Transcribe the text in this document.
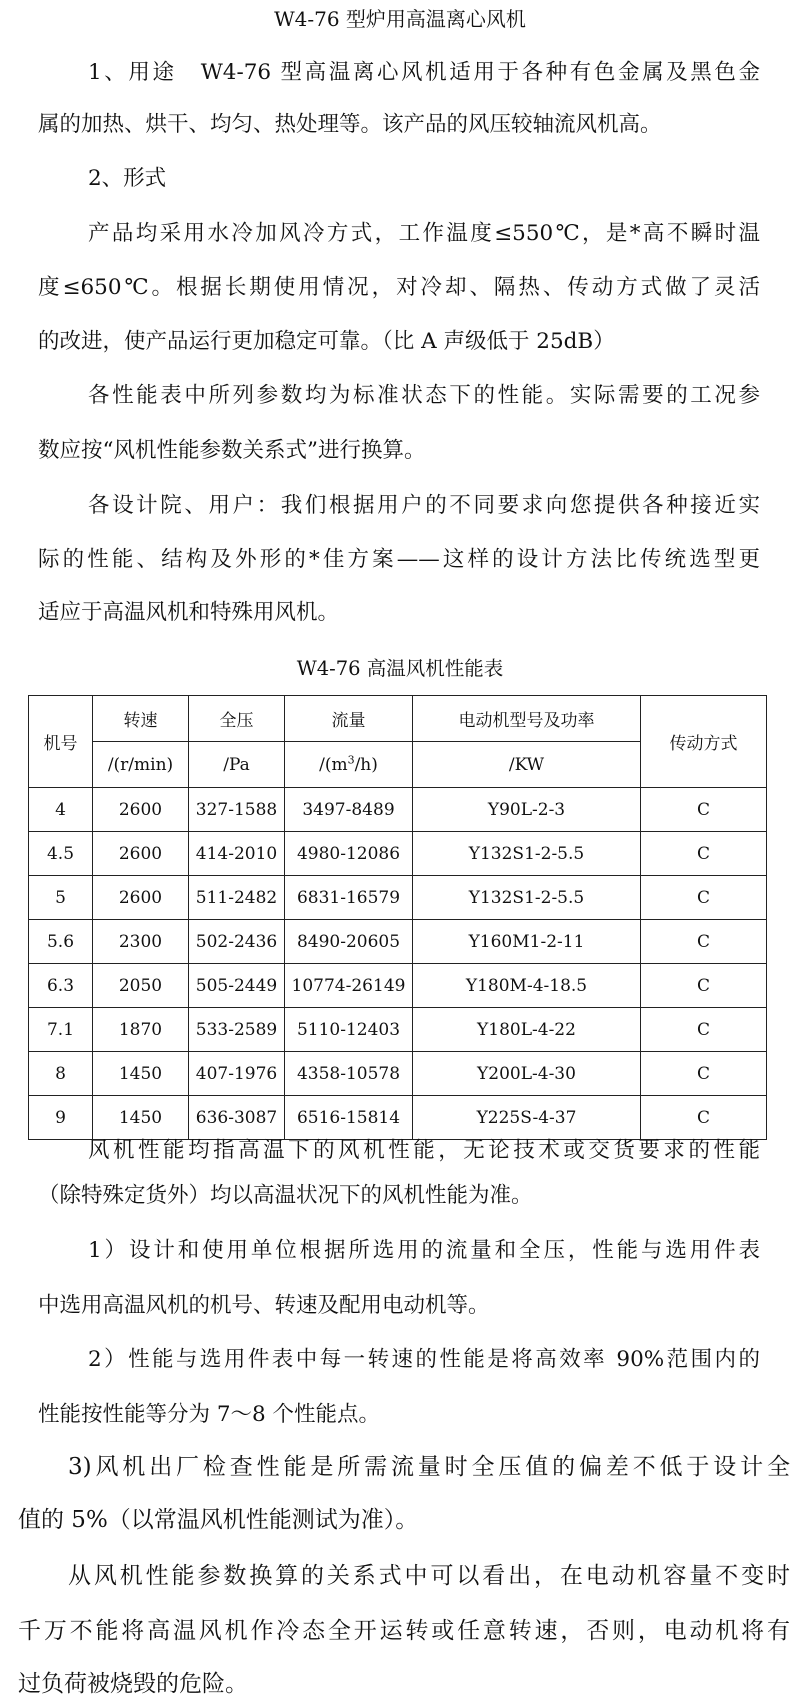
W4-76 型炉用高温离心风机
1、用途　W4-76 型高温离心风机适用于各种有色金属及黑色金
属的加热、烘干、均匀、热处理等。该产品的风压较轴流风机高。
2、形式
产品均采用水冷加风冷方式，工作温度≤550℃，是*高不瞬时温
度≤650℃。根据长期使用情况，对冷却、隔热、传动方式做了灵活
的改进，使产品运行更加稳定可靠。（比 A 声级低于 25dB）
各性能表中所列参数均为标准状态下的性能。实际需要的工况参
数应按“风机性能参数关系式”进行换算。
各设计院、用户：我们根据用户的不同要求向您提供各种接近实
际的性能、结构及外形的*佳方案——这样的设计方法比传统选型更
适应于高温风机和特殊用风机。
W4-76 高温风机性能表
机号	转速	全压	流量	电动机型号及功率	传动方式
	/(r/min)	/Pa	$/(m^3/h)$	/KW	
4	2600	327-1588	3497-8489	Y90L-2-3	C
4.5	2600	414-2010	4980-12086	Y132S1-2-5.5	C
5	2600	511-2482	6831-16579	Y132S1-2-5.5	C
5.6	2300	502-2436	8490-20605	Y160M1-2-11	C
6.3	2050	505-2449	10774-26149	Y180M-4-18.5	C
7.1	1870	533-2589	5110-12403	Y180L-4-22	C
8	1450	407-1976	4358-10578	Y200L-4-30	C
9	1450	636-3087	6516-15814	Y225S-4-37	C
风机性能均指高温下的风机性能，无论技术或交货要求的性能
（除特殊定货外）均以高温状况下的风机性能为准。
1）设计和使用单位根据所选用的流量和全压，性能与选用件表
中选用高温风机的机号、转速及配用电动机等。
2）性能与选用件表中每一转速的性能是将高效率 90%范围内的
性能按性能等分为 7～8 个性能点。
3)风机出厂检查性能是所需流量时全压值的偏差不低于设计全
值的 5%（以常温风机性能测试为准）。
从风机性能参数换算的关系式中可以看出，在电动机容量不变时
千万不能将高温风机作冷态全开运转或任意转速，否则，电动机将有
过负荷被烧毁的危险。
